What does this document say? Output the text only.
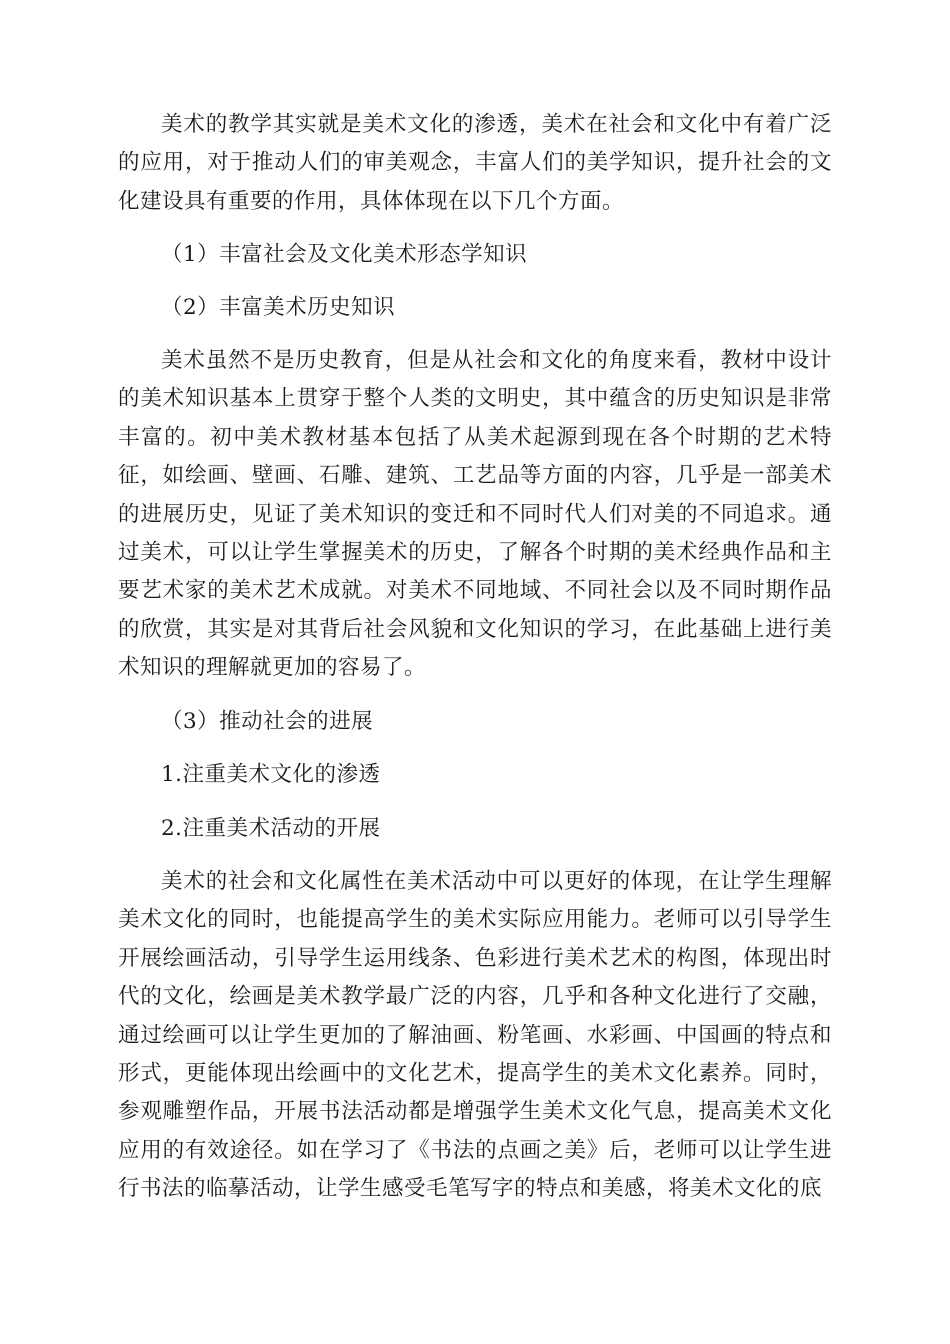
美术的教学其实就是美术文化的渗透，美术在社会和文化中有着广泛的应用，对于推动人们的审美观念，丰富人们的美学知识，提升社会的文化建设具有重要的作用，具体体现在以下几个方面。

（1）丰富社会及文化美术形态学知识

（2）丰富美术历史知识

美术虽然不是历史教育，但是从社会和文化的角度来看，教材中设计的美术知识基本上贯穿于整个人类的文明史，其中蕴含的历史知识是非常丰富的。初中美术教材基本包括了从美术起源到现在各个时期的艺术特征，如绘画、壁画、石雕、建筑、工艺品等方面的内容，几乎是一部美术的进展历史，见证了美术知识的变迁和不同时代人们对美的不同追求。通过美术，可以让学生掌握美术的历史，了解各个时期的美术经典作品和主要艺术家的美术艺术成就。对美术不同地域、不同社会以及不同时期作品的欣赏，其实是对其背后社会风貌和文化知识的学习，在此基础上进行美术知识的理解就更加的容易了。

（3）推动社会的进展

1.注重美术文化的渗透

2.注重美术活动的开展

美术的社会和文化属性在美术活动中可以更好的体现，在让学生理解美术文化的同时，也能提高学生的美术实际应用能力。老师可以引导学生开展绘画活动，引导学生运用线条、色彩进行美术艺术的构图，体现出时代的文化，绘画是美术教学最广泛的内容，几乎和各种文化进行了交融，通过绘画可以让学生更加的了解油画、粉笔画、水彩画、中国画的特点和形式，更能体现出绘画中的文化艺术，提高学生的美术文化素养。同时，参观雕塑作品，开展书法活动都是增强学生美术文化气息，提高美术文化应用的有效途径。如在学习了《书法的点画之美》后，老师可以让学生进行书法的临摹活动，让学生感受毛笔写字的特点和美感，将美术文化的底
